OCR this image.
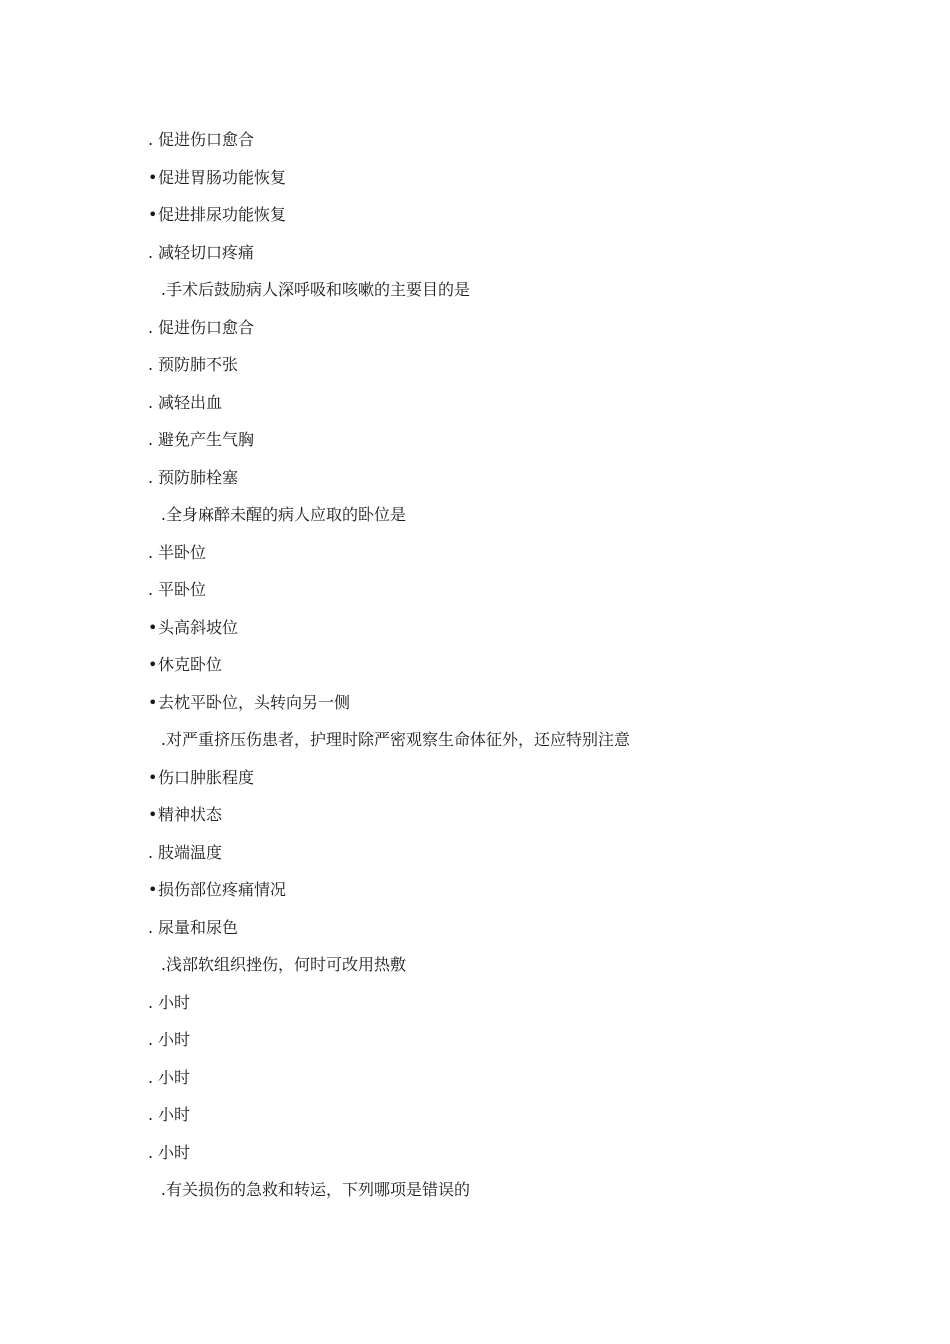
. 促进伤口愈合
• 促进胃肠功能恢复
• 促进排尿功能恢复
. 减轻切口疼痛
. 手术后鼓励病人深呼吸和咳嗽的主要目的是
. 促进伤口愈合
. 预防肺不张
. 减轻出血
. 避免产生气胸
. 预防肺栓塞
. 全身麻醉未醒的病人应取的卧位是
. 半卧位
. 平卧位
• 头高斜坡位
• 休克卧位
• 去枕平卧位，头转向另一侧
. 对严重挤压伤患者，护理时除严密观察生命体征外，还应特别注意
• 伤口肿胀程度
• 精神状态
. 肢端温度
• 损伤部位疼痛情况
. 尿量和尿色
. 浅部软组织挫伤，何时可改用热敷
. 小时
. 小时
. 小时
. 小时
. 小时
. 有关损伤的急救和转运，下列哪项是错误的
